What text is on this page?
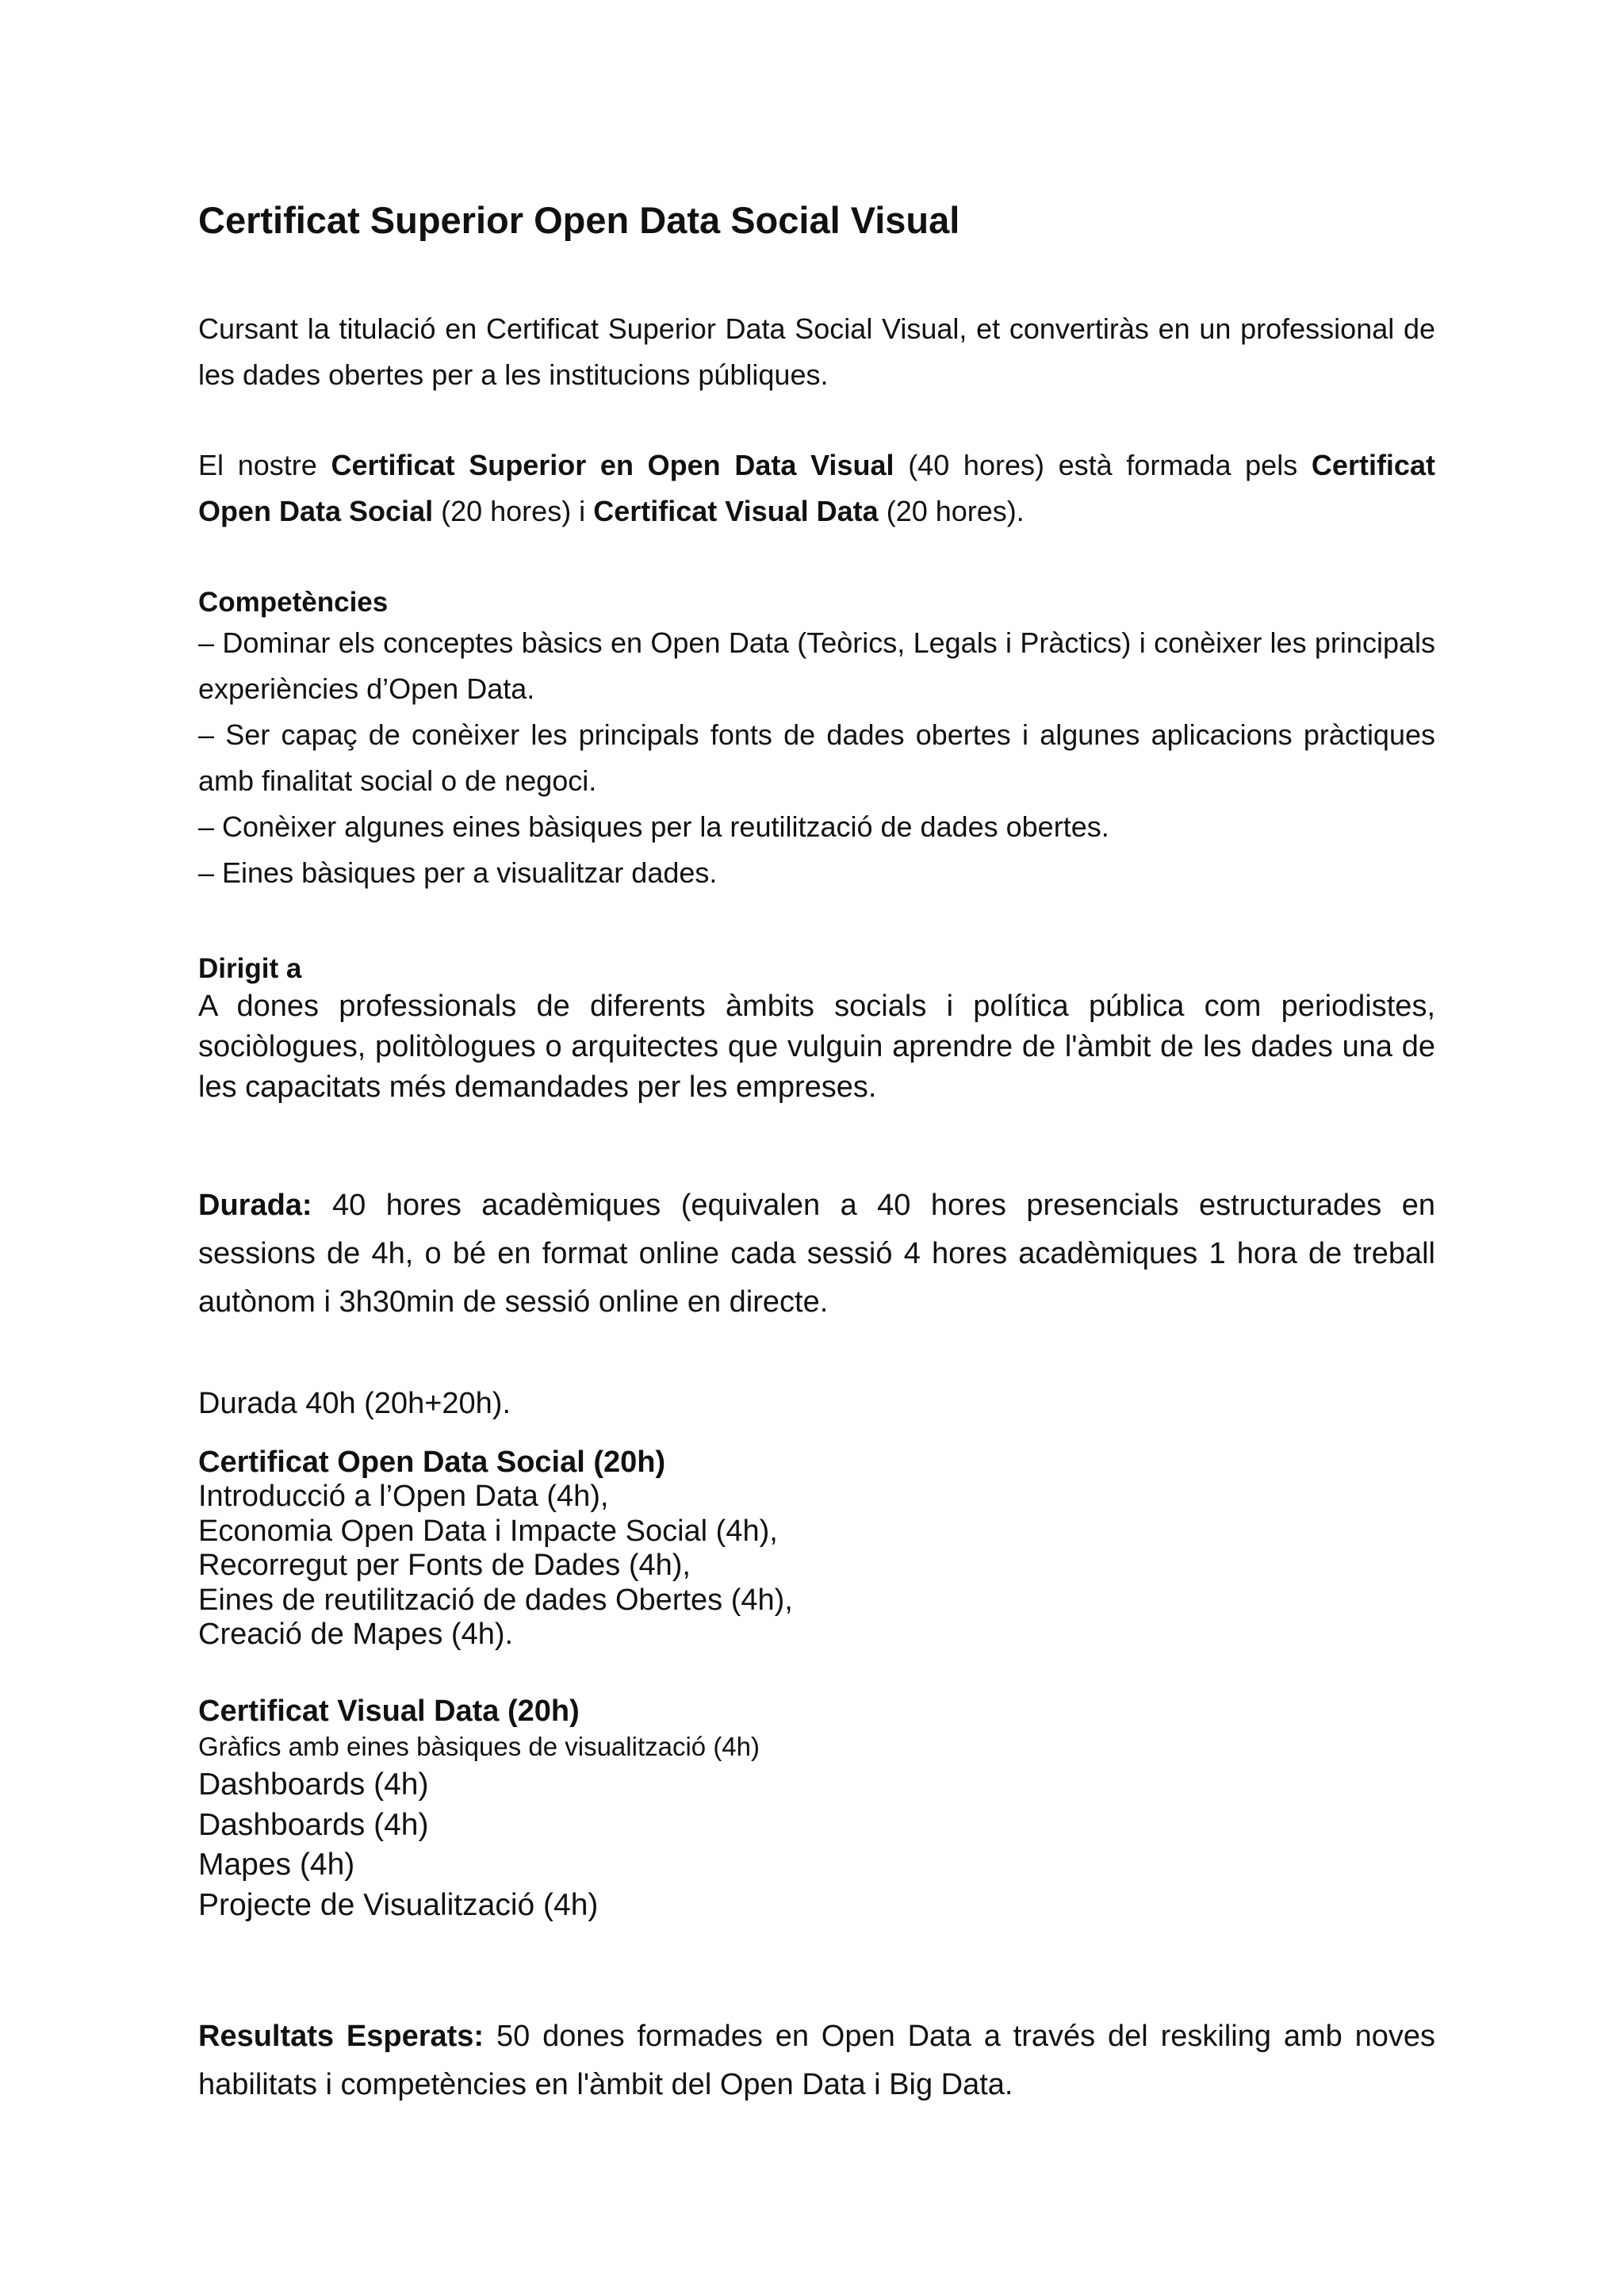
Certificat Superior Open Data Social Visual

Cursant la titulació en Certificat Superior Data Social Visual, et convertiràs en un professional de les dades obertes per a les institucions públiques.

El nostre Certificat Superior en Open Data Visual (40 hores) està formada pels Certificat Open Data Social (20 hores) i Certificat Visual Data (20 hores).

Competències

– Dominar els conceptes bàsics en Open Data (Teòrics, Legals i Pràctics) i conèixer les principals experiències d’Open Data.

– Ser capaç de conèixer les principals fonts de dades obertes i algunes aplicacions pràctiques amb finalitat social o de negoci.

– Conèixer algunes eines bàsiques per la reutilització de dades obertes.

– Eines bàsiques per a visualitzar dades.

Dirigit a

A dones professionals de diferents àmbits socials i política pública com periodistes, sociòlogues, politòlogues o arquitectes que vulguin aprendre de l'àmbit de les dades una de les capacitats més demandades per les empreses.

Durada: 40 hores acadèmiques (equivalen a 40 hores presencials estructurades en sessions de 4h, o bé en format online cada sessió 4 hores acadèmiques 1 hora de treball autònom i 3h30min de sessió online en directe.

Durada 40h (20h+20h).

Certificat Open Data Social (20h)

Introducció a l’Open Data (4h),
Economia Open Data i Impacte Social (4h),
Recorregut per Fonts de Dades (4h),
Eines de reutilització de dades Obertes (4h),
Creació de Mapes (4h).

Certificat Visual Data (20h)

Gràfics amb eines bàsiques de visualització (4h)
Dashboards (4h)
Dashboards (4h)
Mapes (4h)
Projecte de Visualització (4h)

Resultats Esperats: 50 dones formades en Open Data a través del reskiling amb noves habilitats i competències en l'àmbit del Open Data i Big Data.
